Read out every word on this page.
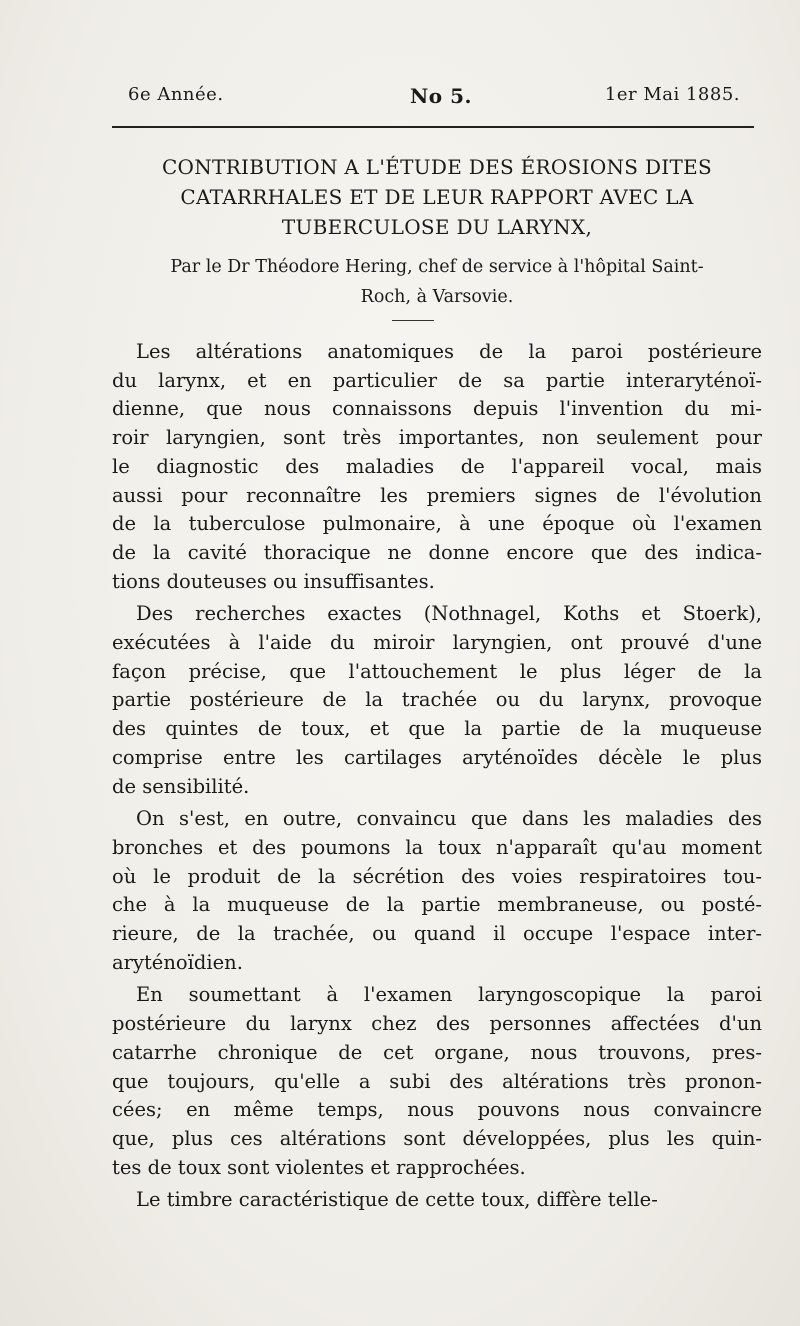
6e Année.	No 5.	1er Mai 1885.
CONTRIBUTION A L'ÉTUDE DES ÉROSIONS DITES
CATARRHALES ET DE LEUR RAPPORT AVEC LA
TUBERCULOSE DU LARYNX,
Par le Dr Théodore Hering, chef de service à l'hôpital Saint-
Roch, à Varsovie.
Les altérations anatomiques de la paroi postérieure
du larynx, et en particulier de sa partie interaryténoï-
dienne, que nous connaissons depuis l'invention du mi-
roir laryngien, sont très importantes, non seulement pour
le diagnostic des maladies de l'appareil vocal, mais
aussi pour reconnaître les premiers signes de l'évolution
de la tuberculose pulmonaire, à une époque où l'examen
de la cavité thoracique ne donne encore que des indica-
tions douteuses ou insuffisantes.
Des recherches exactes (Nothnagel, Koths et Stoerk),
exécutées à l'aide du miroir laryngien, ont prouvé d'une
façon précise, que l'attouchement le plus léger de la
partie postérieure de la trachée ou du larynx, provoque
des quintes de toux, et que la partie de la muqueuse
comprise entre les cartilages aryténoïdes décèle le plus
de sensibilité.
On s'est, en outre, convaincu que dans les maladies des
bronches et des poumons la toux n'apparaît qu'au moment
où le produit de la sécrétion des voies respiratoires tou-
che à la muqueuse de la partie membraneuse, ou posté-
rieure, de la trachée, ou quand il occupe l'espace inter-
aryténoïdien.
En soumettant à l'examen laryngoscopique la paroi
postérieure du larynx chez des personnes affectées d'un
catarrhe chronique de cet organe, nous trouvons, pres-
que toujours, qu'elle a subi des altérations très pronon-
cées; en même temps, nous pouvons nous convaincre
que, plus ces altérations sont développées, plus les quin-
tes de toux sont violentes et rapprochées.
Le timbre caractéristique de cette toux, diffère telle-
